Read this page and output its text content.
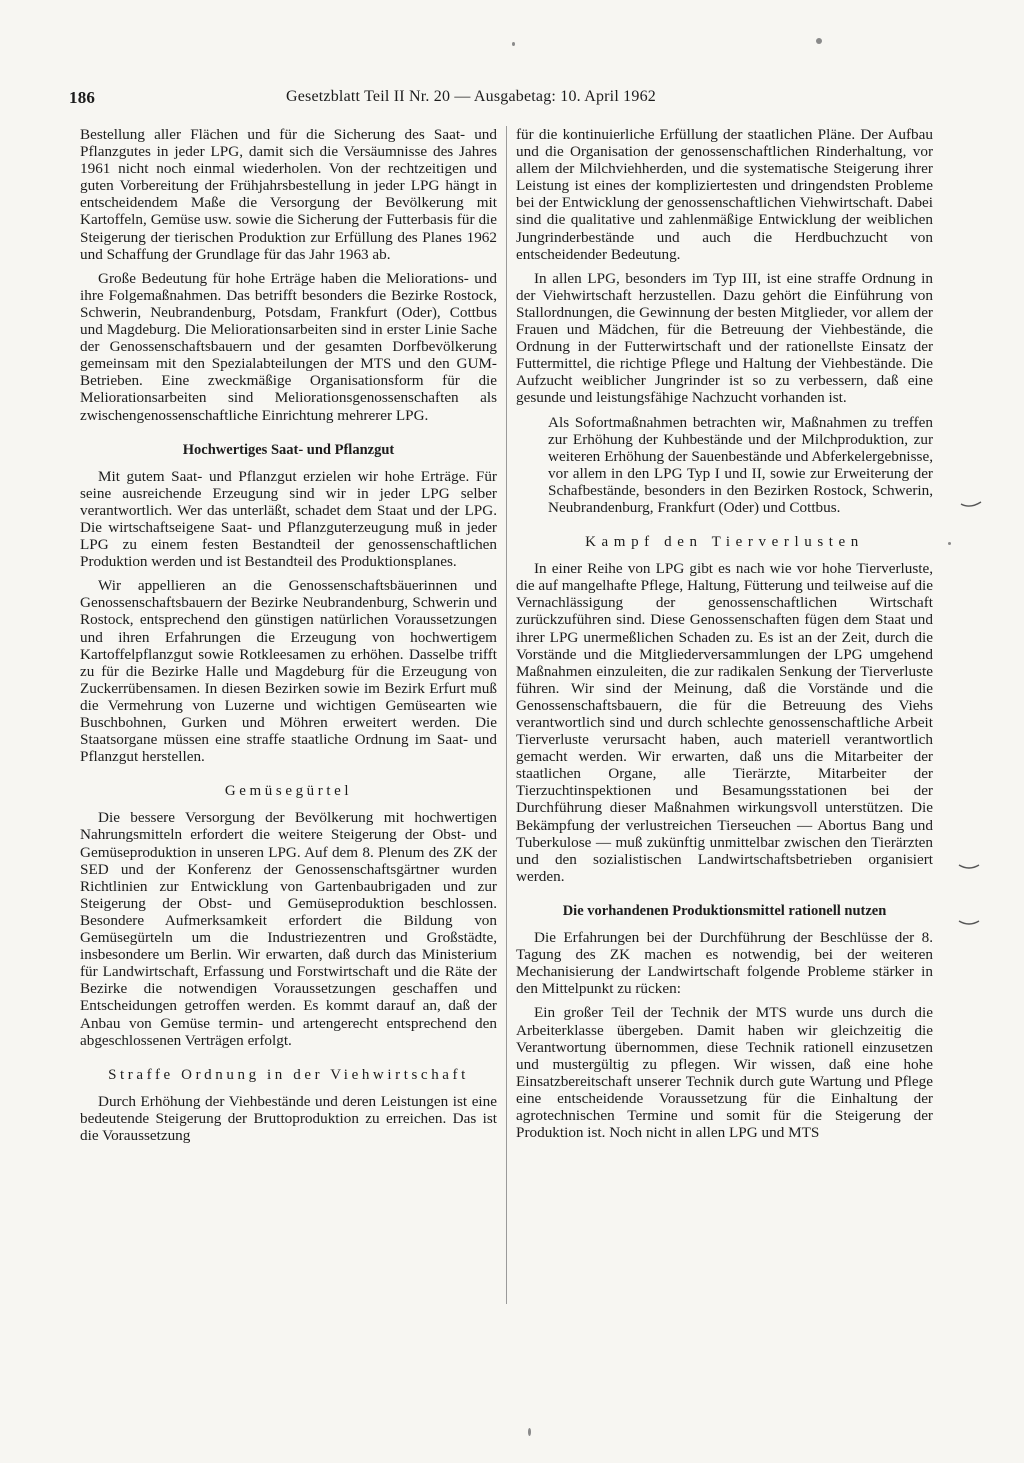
186	Gesetzblatt Teil II Nr. 20 — Ausgabetag: 10. April 1962

Bestellung aller Flächen und für die Sicherung des Saat- und Pflanzgutes in jeder LPG, damit sich die Versäumnisse des Jahres 1961 nicht noch einmal wiederholen. Von der rechtzeitigen und guten Vorbereitung der Frühjahrsbestellung in jeder LPG hängt in entscheidendem Maße die Versorgung der Bevölkerung mit Kartoffeln, Gemüse usw. sowie die Sicherung der Futterbasis für die Steigerung der tierischen Produktion zur Erfüllung des Planes 1962 und Schaffung der Grundlage für das Jahr 1963 ab.

Große Bedeutung für hohe Erträge haben die Meliorations- und ihre Folgemaßnahmen. Das betrifft besonders die Bezirke Rostock, Schwerin, Neubrandenburg, Potsdam, Frankfurt (Oder), Cottbus und Magdeburg. Die Meliorationsarbeiten sind in erster Linie Sache der Genossenschaftsbauern und der gesamten Dorfbevölkerung gemeinsam mit den Spezialabteilungen der MTS und den GUM-Betrieben. Eine zweckmäßige Organisationsform für die Meliorationsarbeiten sind Meliorationsgenossenschaften als zwischengenossenschaftliche Einrichtung mehrerer LPG.

Hochwertiges Saat- und Pflanzgut

Mit gutem Saat- und Pflanzgut erzielen wir hohe Erträge. Für seine ausreichende Erzeugung sind wir in jeder LPG selber verantwortlich. Wer das unterläßt, schadet dem Staat und der LPG. Die wirtschaftseigene Saat- und Pflanzguterzeugung muß in jeder LPG zu einem festen Bestandteil der genossenschaftlichen Produktion werden und ist Bestandteil des Produktionsplanes.

Wir appellieren an die Genossenschaftsbäuerinnen und Genossenschaftsbauern der Bezirke Neubrandenburg, Schwerin und Rostock, entsprechend den günstigen natürlichen Voraussetzungen und ihren Erfahrungen die Erzeugung von hochwertigem Kartoffelpflanzgut sowie Rotkleesamen zu erhöhen. Dasselbe trifft zu für die Bezirke Halle und Magdeburg für die Erzeugung von Zuckerrübensamen. In diesen Bezirken sowie im Bezirk Erfurt muß die Vermehrung von Luzerne und wichtigen Gemüsearten wie Buschbohnen, Gurken und Möhren erweitert werden. Die Staatsorgane müssen eine straffe staatliche Ordnung im Saat- und Pflanzgut herstellen.

Gemüsegürtel

Die bessere Versorgung der Bevölkerung mit hochwertigen Nahrungsmitteln erfordert die weitere Steigerung der Obst- und Gemüseproduktion in unseren LPG. Auf dem 8. Plenum des ZK der SED und der Konferenz der Genossenschaftsgärtner wurden Richtlinien zur Entwicklung von Gartenbaubrigaden und zur Steigerung der Obst- und Gemüseproduktion beschlossen. Besondere Aufmerksamkeit erfordert die Bildung von Gemüsegürteln um die Industriezentren und Großstädte, insbesondere um Berlin. Wir erwarten, daß durch das Ministerium für Landwirtschaft, Erfassung und Forstwirtschaft und die Räte der Bezirke die notwendigen Voraussetzungen geschaffen und Entscheidungen getroffen werden. Es kommt darauf an, daß der Anbau von Gemüse termin- und artengerecht entsprechend den abgeschlossenen Verträgen erfolgt.

Straffe Ordnung in der Viehwirtschaft

Durch Erhöhung der Viehbestände und deren Leistungen ist eine bedeutende Steigerung der Bruttoproduktion zu erreichen. Das ist die Voraussetzung

für die kontinuierliche Erfüllung der staatlichen Pläne. Der Aufbau und die Organisation der genossenschaftlichen Rinderhaltung, vor allem der Milchviehherden, und die systematische Steigerung ihrer Leistung ist eines der kompliziertesten und dringendsten Probleme bei der Entwicklung der genossenschaftlichen Viehwirtschaft. Dabei sind die qualitative und zahlenmäßige Entwicklung der weiblichen Jungrinderbestände und auch die Herdbuchzucht von entscheidender Bedeutung.

In allen LPG, besonders im Typ III, ist eine straffe Ordnung in der Viehwirtschaft herzustellen. Dazu gehört die Einführung von Stallordnungen, die Gewinnung der besten Mitglieder, vor allem der Frauen und Mädchen, für die Betreuung der Viehbestände, die Ordnung in der Futterwirtschaft und der rationellste Einsatz der Futtermittel, die richtige Pflege und Haltung der Viehbestände. Die Aufzucht weiblicher Jungrinder ist so zu verbessern, daß eine gesunde und leistungsfähige Nachzucht vorhanden ist.

Als Sofortmaßnahmen betrachten wir, Maßnahmen zu treffen zur Erhöhung der Kuhbestände und der Milchproduktion, zur weiteren Erhöhung der Sauenbestände und Abferkelergebnisse, vor allem in den LPG Typ I und II, sowie zur Erweiterung der Schafbestände, besonders in den Bezirken Rostock, Schwerin, Neubrandenburg, Frankfurt (Oder) und Cottbus.

Kampf den Tierverlusten

In einer Reihe von LPG gibt es nach wie vor hohe Tierverluste, die auf mangelhafte Pflege, Haltung, Fütterung und teilweise auf die Vernachlässigung der genossenschaftlichen Wirtschaft zurückzuführen sind. Diese Genossenschaften fügen dem Staat und ihrer LPG unermeßlichen Schaden zu. Es ist an der Zeit, durch die Vorstände und die Mitgliederversammlungen der LPG umgehend Maßnahmen einzuleiten, die zur radikalen Senkung der Tierverluste führen. Wir sind der Meinung, daß die Vorstände und die Genossenschaftsbauern, die für die Betreuung des Viehs verantwortlich sind und durch schlechte genossenschaftliche Arbeit Tierverluste verursacht haben, auch materiell verantwortlich gemacht werden. Wir erwarten, daß uns die Mitarbeiter der staatlichen Organe, alle Tierärzte, Mitarbeiter der Tierzuchtinspektionen und Besamungsstationen bei der Durchführung dieser Maßnahmen wirkungsvoll unterstützen. Die Bekämpfung der verlustreichen Tierseuchen — Abortus Bang und Tuberkulose — muß zukünftig unmittelbar zwischen den Tierärzten und den sozialistischen Landwirtschaftsbetrieben organisiert werden.

Die vorhandenen Produktionsmittel rationell nutzen

Die Erfahrungen bei der Durchführung der Beschlüsse der 8. Tagung des ZK machen es notwendig, bei der weiteren Mechanisierung der Landwirtschaft folgende Probleme stärker in den Mittelpunkt zu rücken:

Ein großer Teil der Technik der MTS wurde uns durch die Arbeiterklasse übergeben. Damit haben wir gleichzeitig die Verantwortung übernommen, diese Technik rationell einzusetzen und mustergültig zu pflegen. Wir wissen, daß eine hohe Einsatzbereitschaft unserer Technik durch gute Wartung und Pflege eine entscheidende Voraussetzung für die Einhaltung der agrotechnischen Termine und somit für die Steigerung der Produktion ist. Noch nicht in allen LPG und MTS
